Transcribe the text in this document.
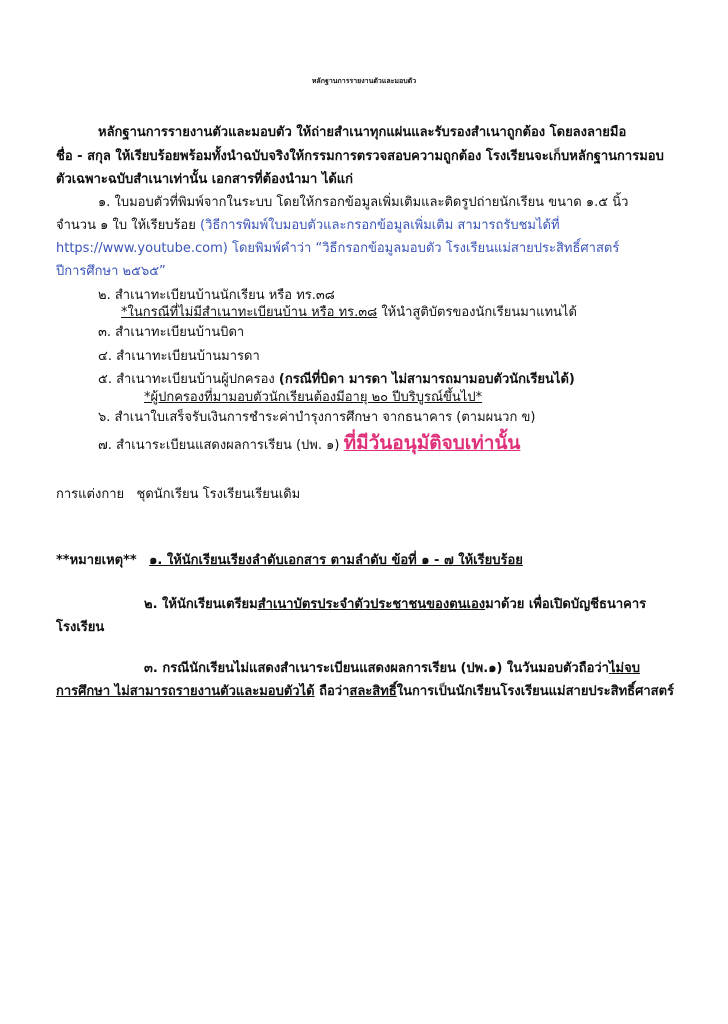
หลักฐานการรายงานตัวและมอบตัว
หลักฐานการรายงานตัวและมอบตัว ให้ถ่ายสำเนาทุกแผ่นและรับรองสำเนาถูกต้อง โดยลงลายมือ
ชื่อ - สกุล ให้เรียบร้อยพร้อมทั้งนำฉบับจริงให้กรรมการตรวจสอบความถูกต้อง โรงเรียนจะเก็บหลักฐานการมอบ
ตัวเฉพาะฉบับสำเนาเท่านั้น เอกสารที่ต้องนำมา ได้แก่
๑. ใบมอบตัวที่พิมพ์จากในระบบ โดยให้กรอกข้อมูลเพิ่มเติมและติดรูปถ่ายนักเรียน ขนาด ๑.๕ นิ้ว
จำนวน ๑ ใบ ให้เรียบร้อย (วิธีการพิมพ์ใบมอบตัวและกรอกข้อมูลเพิ่มเติม สามารถรับชมได้ที่
https://www.youtube.com) โดยพิมพ์คำว่า “วิธีกรอกข้อมูลมอบตัว โรงเรียนแม่สายประสิทธิ์ศาสตร์
ปีการศึกษา ๒๕๖๕”
๒. สำเนาทะเบียนบ้านนักเรียน หรือ ทร.๓๘
*ในกรณีที่ไม่มีสำเนาทะเบียนบ้าน หรือ ทร.๓๘ ให้นำสูติบัตรของนักเรียนมาแทนได้
๓. สำเนาทะเบียนบ้านบิดา
๔. สำเนาทะเบียนบ้านมารดา
๕. สำเนาทะเบียนบ้านผู้ปกครอง (กรณีที่บิดา มารดา ไม่สามารถมามอบตัวนักเรียนได้)
*ผู้ปกครองที่มามอบตัวนักเรียนต้องมีอายุ ๒๐ ปีบริบูรณ์ขึ้นไป*
๖. สำเนาใบเสร็จรับเงินการชำระค่าบำรุงการศึกษา จากธนาคาร (ตามผนวก ข)
๗. สำเนาระเบียนแสดงผลการเรียน (ปพ. ๑) ที่มีวันอนุมัติจบเท่านั้น
การแต่งกาย ชุดนักเรียน โรงเรียนเรียนเดิม
**หมายเหตุ** ๑. ให้นักเรียนเรียงลำดับเอกสาร ตามลำดับ ข้อที่ ๑ - ๗ ให้เรียบร้อย
๒. ให้นักเรียนเตรียมสำเนาบัตรประจำตัวประชาชนของตนเองมาด้วย เพื่อเปิดบัญชีธนาคาร
โรงเรียน
๓. กรณีนักเรียนไม่แสดงสำเนาระเบียนแสดงผลการเรียน (ปพ.๑) ในวันมอบตัวถือว่าไม่จบ
การศึกษา ไม่สามารถรายงานตัวและมอบตัวได้ ถือว่าสละสิทธิ์ในการเป็นนักเรียนโรงเรียนแม่สายประสิทธิ์ศาสตร์
